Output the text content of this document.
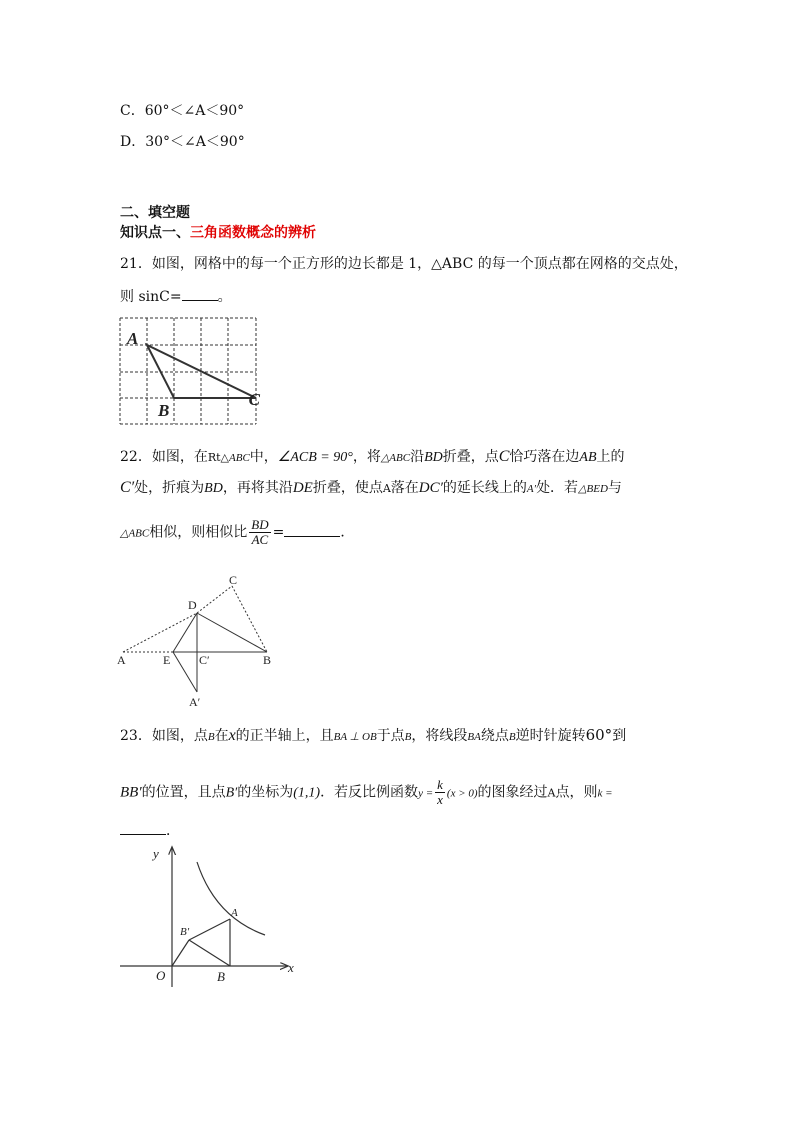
C．60°＜∠A＜90°
D．30°＜∠A＜90°
二、填空题
知识点一、三角函数概念的辨析
21．如图，网格中的每一个正方形的边长都是 1，△ABC 的每一个顶点都在网格的交点处，
则 sinC=	。
A
B
C
22．如图，在Rt△ABC中，∠ACB = 90°，将△ABC沿BD折叠，点C恰巧落在边AB上的
C′处，折痕为BD，再将其沿DE折叠，使点A落在DC′的延长线上的A′处．若△BED与
△ABC相似，则相似比 $\frac{BD}{AC}$ =	．
A	E C′	B
D
C
A′
23．如图，点B在x的正半轴上，且BA ⊥ OB于点B，将线段BA绕点B逆时针旋转60°到
BB′的位置，且点B′的坐标为(1,1)．若反比例函数$y = \frac{k}{x} (x > 0)$的图象经过A点，则k =
．
y
x
O	B
B′
A
